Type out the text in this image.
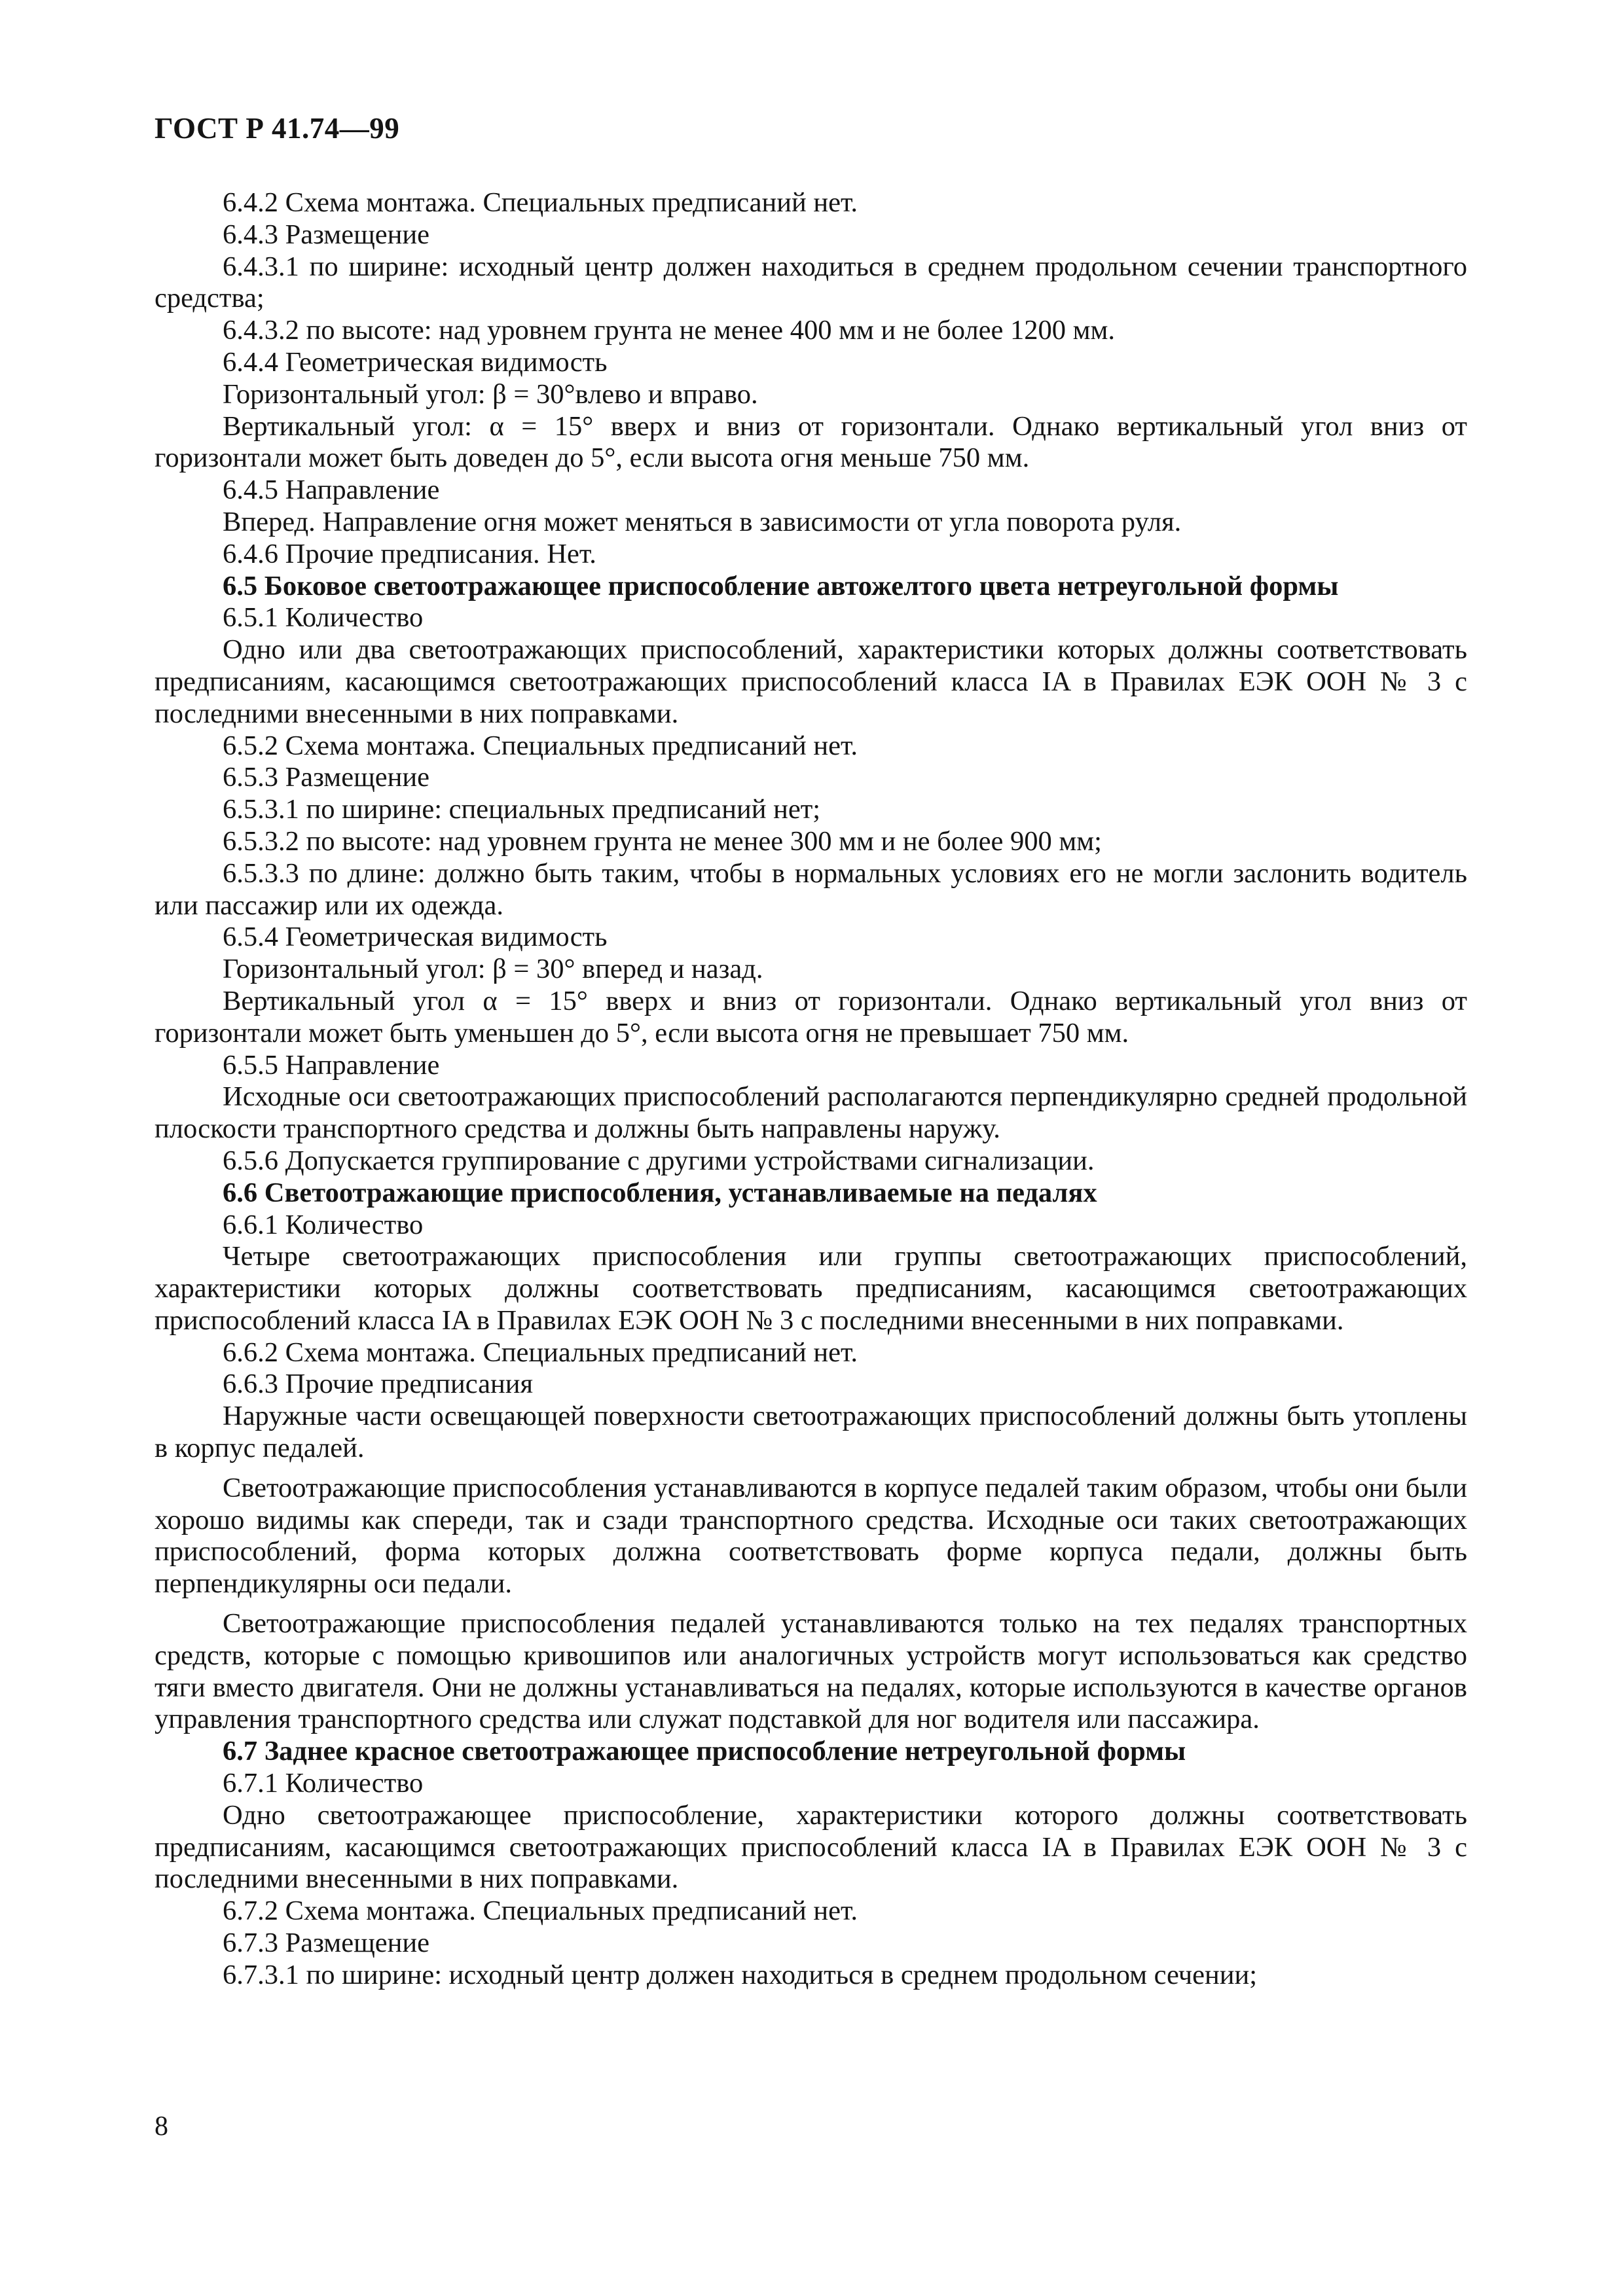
ГОСТ Р 41.74—99

6.4.2 Схема монтажа. Специальных предписаний нет.

6.4.3 Размещение

6.4.3.1 по ширине: исходный центр должен находиться в среднем продольном сечении транспортного средства;

6.4.3.2 по высоте: над уровнем грунта не менее 400 мм и не более 1200 мм.

6.4.4 Геометрическая видимость

Горизонтальный угол: β = 30°влево и вправо.

Вертикальный угол: α = 15° вверх и вниз от горизонтали. Однако вертикальный угол вниз от горизонтали может быть доведен до 5°, если высота огня меньше 750 мм.

6.4.5 Направление

Вперед. Направление огня может меняться в зависимости от угла поворота руля.

6.4.6 Прочие предписания. Нет.

6.5 Боковое светоотражающее приспособление автожелтого цвета нетреугольной формы

6.5.1 Количество

Одно или два светоотражающих приспособлений, характеристики которых должны соответствовать предписаниям, касающимся светоотражающих приспособлений класса IA в Правилах ЕЭК ООН № 3 с последними внесенными в них поправками.

6.5.2 Схема монтажа. Специальных предписаний нет.

6.5.3 Размещение

6.5.3.1 по ширине: специальных предписаний нет;

6.5.3.2 по высоте: над уровнем грунта не менее 300 мм и не более 900 мм;

6.5.3.3 по длине: должно быть таким, чтобы в нормальных условиях его не могли заслонить водитель или пассажир или их одежда.

6.5.4 Геометрическая видимость

Горизонтальный угол: β = 30° вперед и назад.

Вертикальный угол α = 15° вверх и вниз от горизонтали. Однако вертикальный угол вниз от горизонтали может быть уменьшен до 5°, если высота огня не превышает 750 мм.

6.5.5 Направление

Исходные оси светоотражающих приспособлений располагаются перпендикулярно средней продольной плоскости транспортного средства и должны быть направлены наружу.

6.5.6 Допускается группирование с другими устройствами сигнализации.

6.6 Светоотражающие приспособления, устанавливаемые на педалях

6.6.1 Количество

Четыре светоотражающих приспособления или группы светоотражающих приспособлений, характеристики которых должны соответствовать предписаниям, касающимся светоотражающих приспособлений класса IA в Правилах ЕЭК ООН № 3 с последними внесенными в них поправками.

6.6.2 Схема монтажа. Специальных предписаний нет.

6.6.3 Прочие предписания

Наружные части освещающей поверхности светоотражающих приспособлений должны быть утоплены в корпус педалей.

Светоотражающие приспособления устанавливаются в корпусе педалей таким образом, чтобы они были хорошо видимы как спереди, так и сзади транспортного средства. Исходные оси таких светоотражающих приспособлений, форма которых должна соответствовать форме корпуса педали, должны быть перпендикулярны оси педали.

Светоотражающие приспособления педалей устанавливаются только на тех педалях транспортных средств, которые с помощью кривошипов или аналогичных устройств могут использоваться как средство тяги вместо двигателя. Они не должны устанавливаться на педалях, которые используются в качестве органов управления транспортного средства или служат подставкой для ног водителя или пассажира.

6.7 Заднее красное светоотражающее приспособление нетреугольной формы

6.7.1 Количество

Одно светоотражающее приспособление, характеристики которого должны соответствовать предписаниям, касающимся светоотражающих приспособлений класса IA в Правилах ЕЭК ООН № 3 с последними внесенными в них поправками.

6.7.2 Схема монтажа. Специальных предписаний нет.

6.7.3 Размещение

6.7.3.1 по ширине: исходный центр должен находиться в среднем продольном сечении;

8
